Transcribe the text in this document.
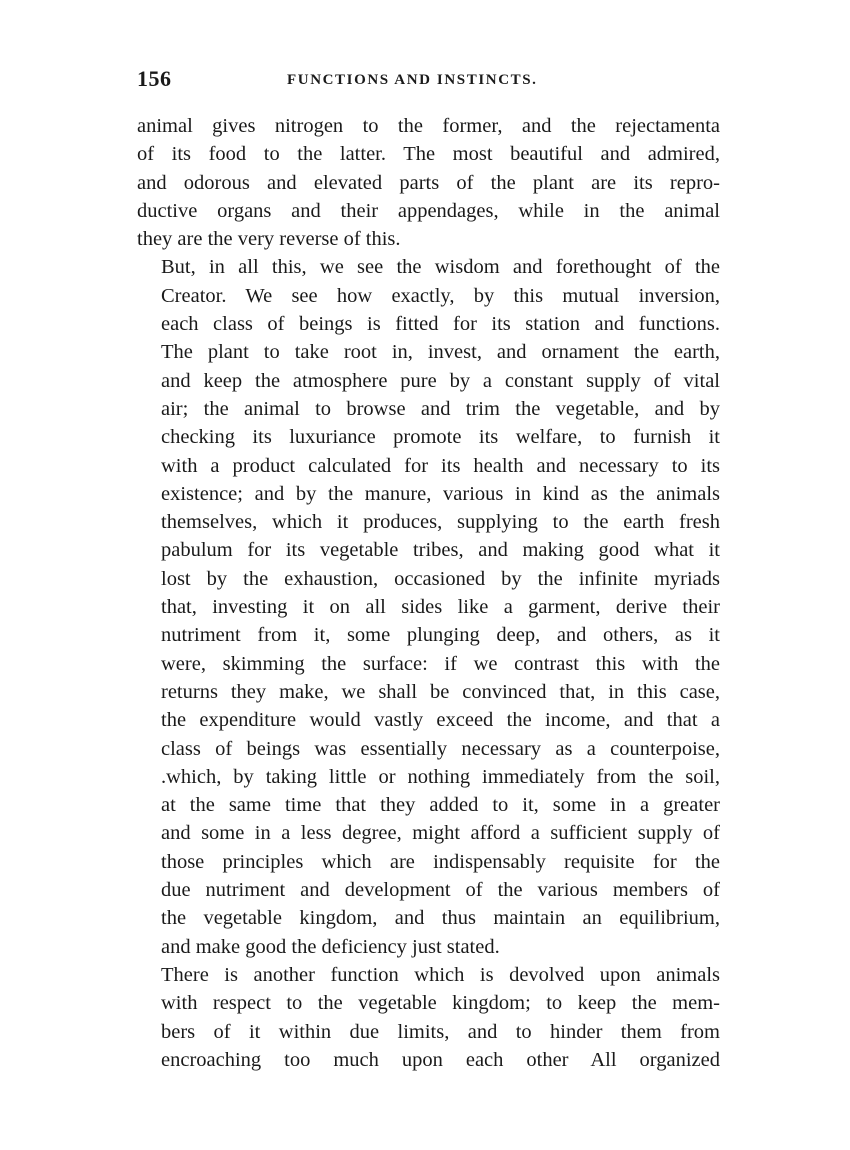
156	FUNCTIONS AND INSTINCTS.
animal gives nitrogen to the former, and the rejectamenta
of its food to the latter. The most beautiful and admired,
and odorous and elevated parts of the plant are its repro-
ductive organs and their appendages, while in the animal
they are the very reverse of this.
But, in all this, we see the wisdom and forethought of the
Creator. We see how exactly, by this mutual inversion,
each class of beings is fitted for its station and functions.
The plant to take root in, invest, and ornament the earth,
and keep the atmosphere pure by a constant supply of vital
air; the animal to browse and trim the vegetable, and by
checking its luxuriance promote its welfare, to furnish it
with a product calculated for its health and necessary to its
existence; and by the manure, various in kind as the animals
themselves, which it produces, supplying to the earth fresh
pabulum for its vegetable tribes, and making good what it
lost by the exhaustion, occasioned by the infinite myriads
that, investing it on all sides like a garment, derive their
nutriment from it, some plunging deep, and others, as it
were, skimming the surface: if we contrast this with the
returns they make, we shall be convinced that, in this case,
the expenditure would vastly exceed the income, and that a
class of beings was essentially necessary as a counterpoise,
.which, by taking little or nothing immediately from the soil,
at the same time that they added to it, some in a greater
and some in a less degree, might afford a sufficient supply of
those principles which are indispensably requisite for the
due nutriment and development of the various members of
the vegetable kingdom, and thus maintain an equilibrium,
and make good the deficiency just stated.
There is another function which is devolved upon animals
with respect to the vegetable kingdom; to keep the mem-
bers of it within due limits, and to hinder them from
encroaching too much upon each other All organized
